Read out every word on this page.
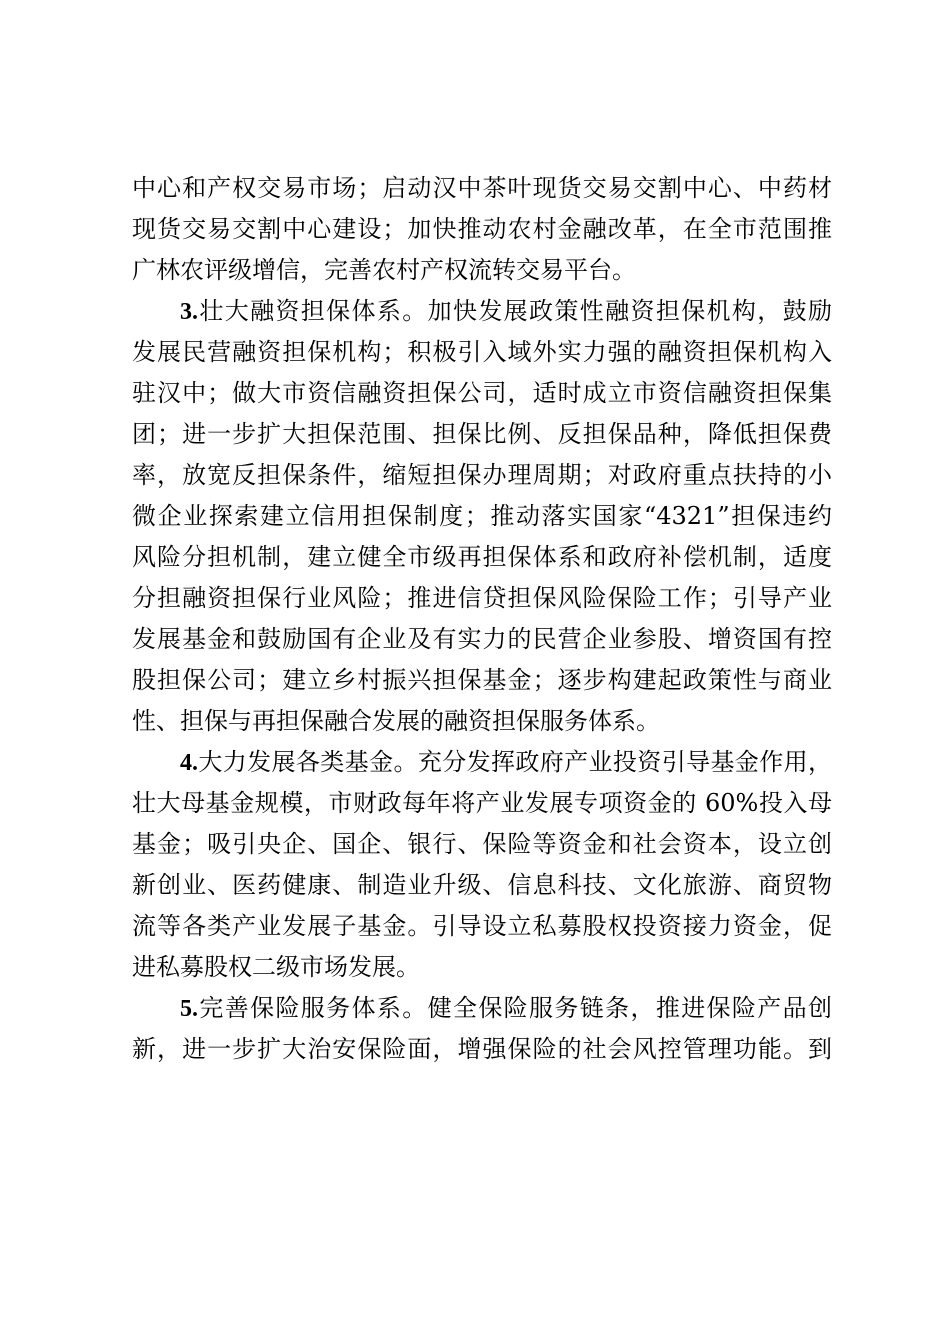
中心和产权交易市场；启动汉中茶叶现货交易交割中心、中药材
现货交易交割中心建设；加快推动农村金融改革，在全市范围推
广林农评级增信，完善农村产权流转交易平台。
3.壮大融资担保体系。加快发展政策性融资担保机构，鼓励
发展民营融资担保机构；积极引入域外实力强的融资担保机构入
驻汉中；做大市资信融资担保公司，适时成立市资信融资担保集
团；进一步扩大担保范围、担保比例、反担保品种，降低担保费
率，放宽反担保条件，缩短担保办理周期；对政府重点扶持的小
微企业探索建立信用担保制度；推动落实国家“4321”担保违约
风险分担机制，建立健全市级再担保体系和政府补偿机制，适度
分担融资担保行业风险；推进信贷担保风险保险工作；引导产业
发展基金和鼓励国有企业及有实力的民营企业参股、增资国有控
股担保公司；建立乡村振兴担保基金；逐步构建起政策性与商业
性、担保与再担保融合发展的融资担保服务体系。
4.大力发展各类基金。充分发挥政府产业投资引导基金作用，
壮大母基金规模，市财政每年将产业发展专项资金的 60%投入母
基金；吸引央企、国企、银行、保险等资金和社会资本，设立创
新创业、医药健康、制造业升级、信息科技、文化旅游、商贸物
流等各类产业发展子基金。引导设立私募股权投资接力资金，促
进私募股权二级市场发展。
5.完善保险服务体系。健全保险服务链条，推进保险产品创
新，进一步扩大治安保险面，增强保险的社会风控管理功能。到
